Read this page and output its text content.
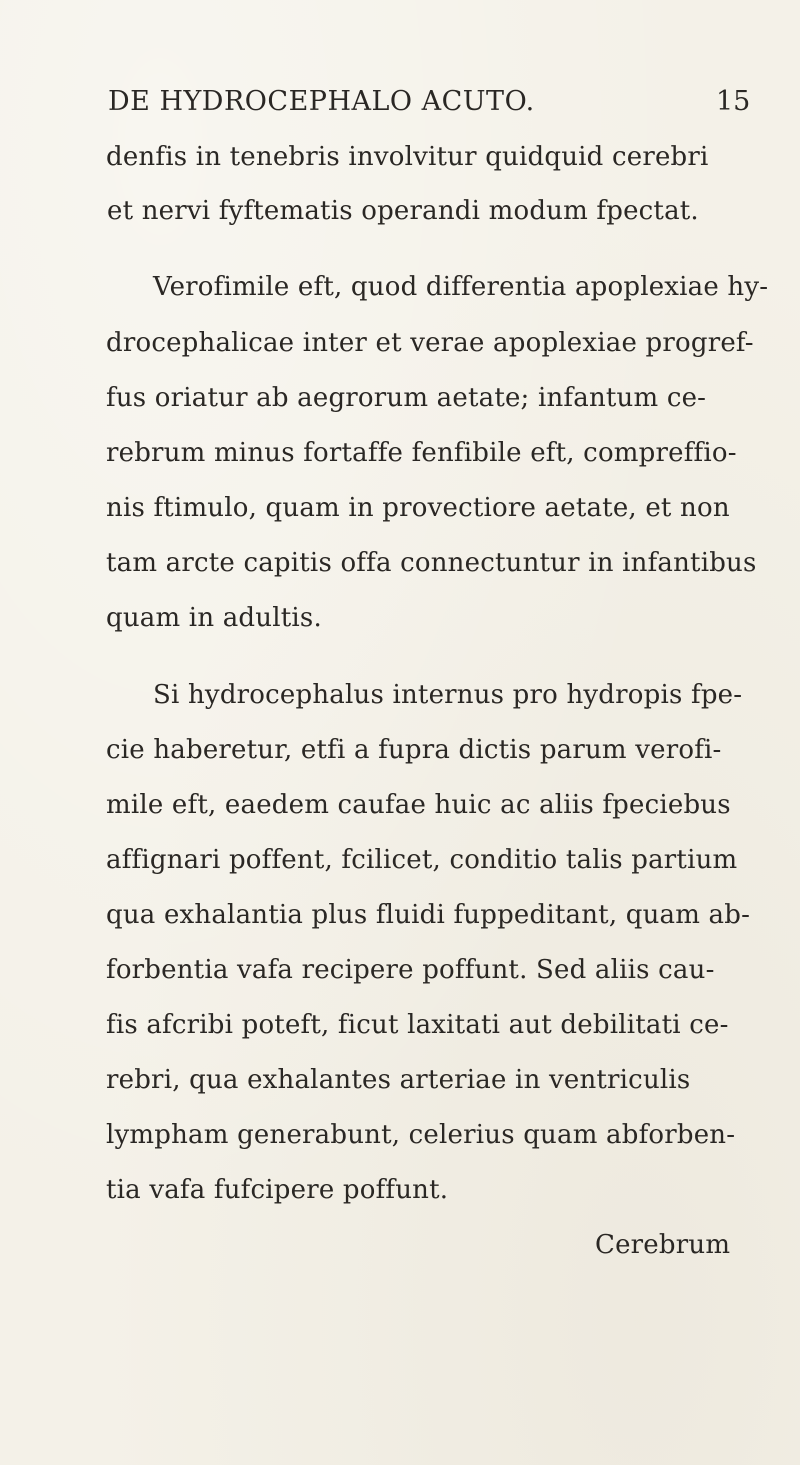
DE HYDROCEPHALO ACUTO.	15
denfis in tenebris involvitur quidquid cerebri
et nervi fyftematis operandi modum fpectat.
Verofimile eft, quod differentia apoplexiae hy-
drocephalicae inter et verae apoplexiae progref-
fus oriatur ab aegrorum aetate; infantum ce-
rebrum minus fortaffe fenfibile eft, compreffio-
nis ftimulo, quam in provectiore aetate, et non
tam arcte capitis offa connectuntur in infantibus
quam in adultis.
Si hydrocephalus internus pro hydropis fpe-
cie haberetur, etfi a fupra dictis parum verofi-
mile eft, eaedem caufae huic ac aliis fpeciebus
affignari poffent, fcilicet, conditio talis partium
qua exhalantia plus fluidi fuppeditant, quam ab-
forbentia vafa recipere poffunt. Sed aliis cau-
fis afcribi poteft, ficut laxitati aut debilitati ce-
rebri, qua exhalantes arteriae in ventriculis
lympham generabunt, celerius quam abforben-
tia vafa fufcipere poffunt.
Cerebrum
